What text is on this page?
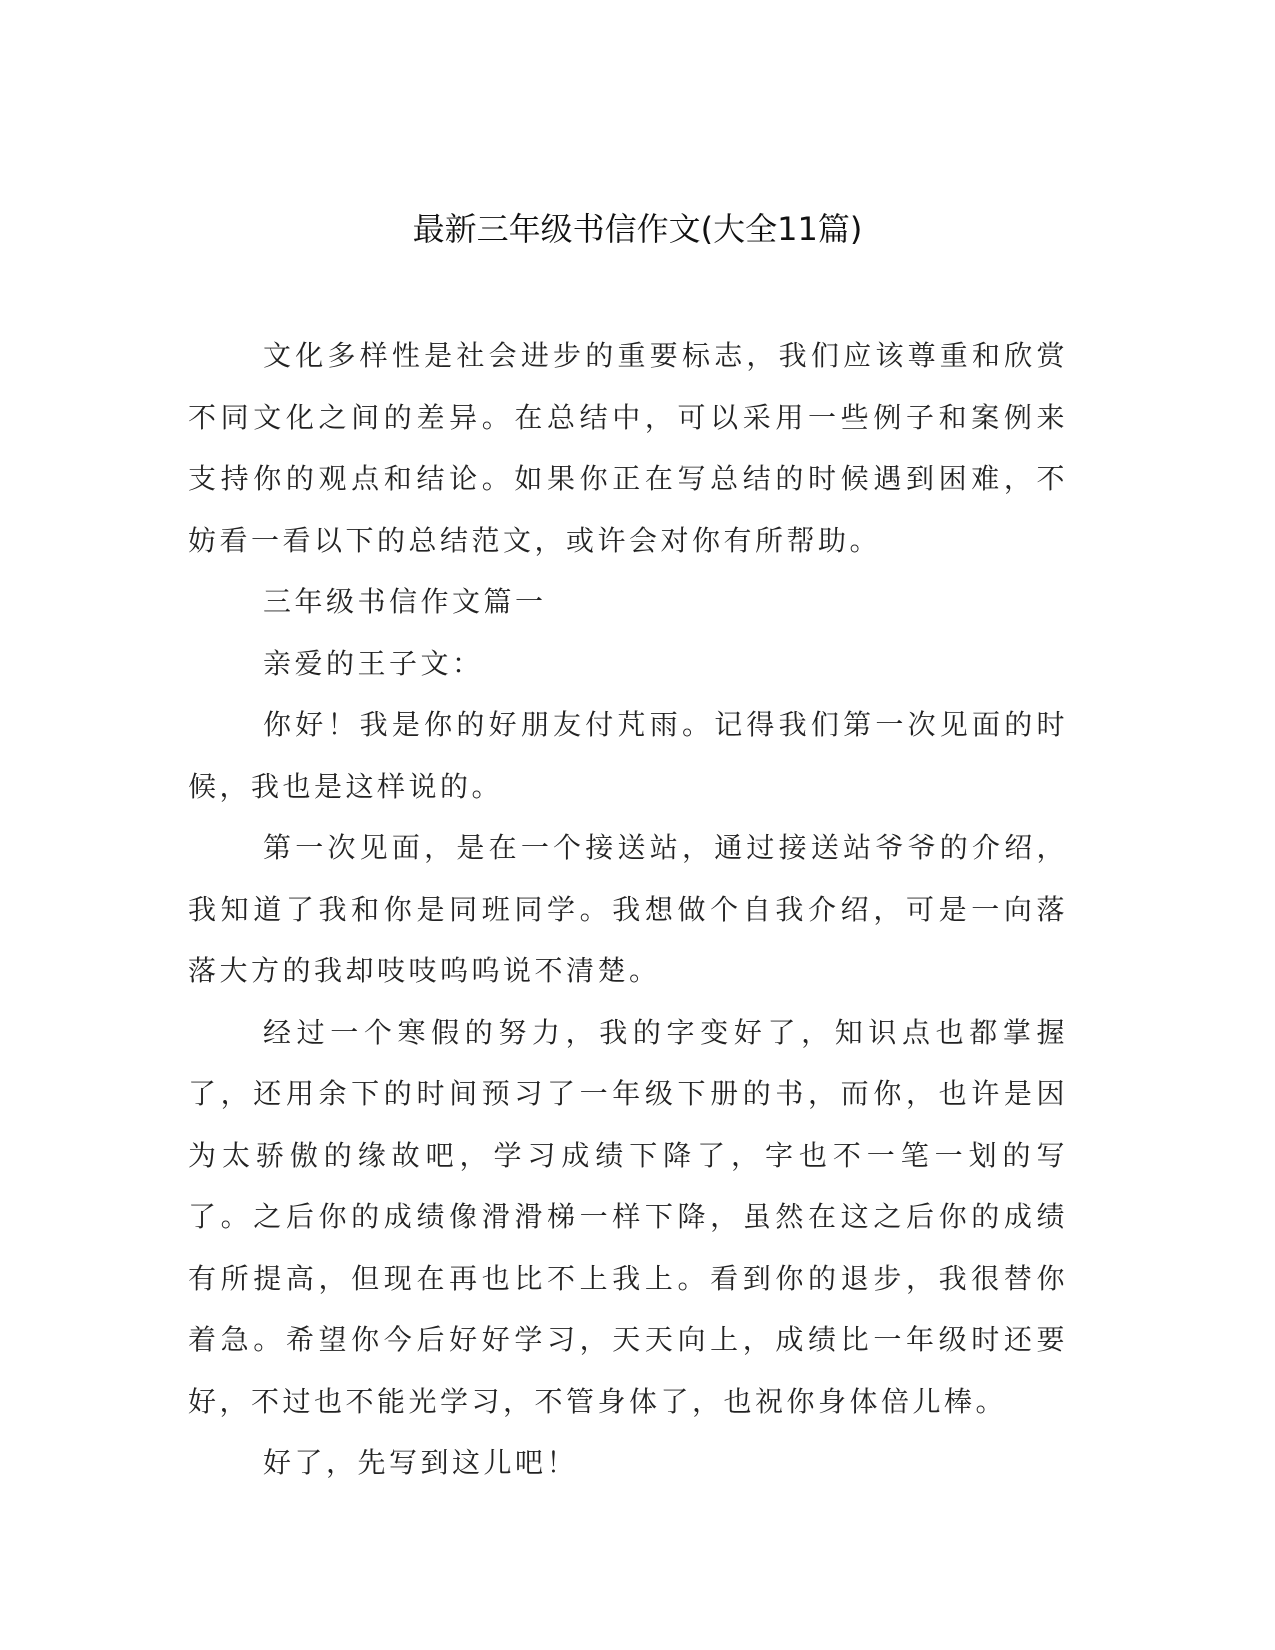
最新三年级书信作文(大全11篇)

文化多样性是社会进步的重要标志，我们应该尊重和欣赏不同文化之间的差异。在总结中，可以采用一些例子和案例来支持你的观点和结论。如果你正在写总结的时候遇到困难，不妨看一看以下的总结范文，或许会对你有所帮助。

三年级书信作文篇一

亲爱的王子文：

你好！我是你的好朋友付芃雨。记得我们第一次见面的时候，我也是这样说的。

第一次见面，是在一个接送站，通过接送站爷爷的介绍，我知道了我和你是同班同学。我想做个自我介绍，可是一向落落大方的我却吱吱呜呜说不清楚。

经过一个寒假的努力，我的字变好了，知识点也都掌握了，还用余下的时间预习了一年级下册的书，而你，也许是因为太骄傲的缘故吧，学习成绩下降了，字也不一笔一划的写了。之后你的成绩像滑滑梯一样下降，虽然在这之后你的成绩有所提高，但现在再也比不上我上。看到你的退步，我很替你着急。希望你今后好好学习，天天向上，成绩比一年级时还要好，不过也不能光学习，不管身体了，也祝你身体倍儿棒。

好了，先写到这儿吧！
